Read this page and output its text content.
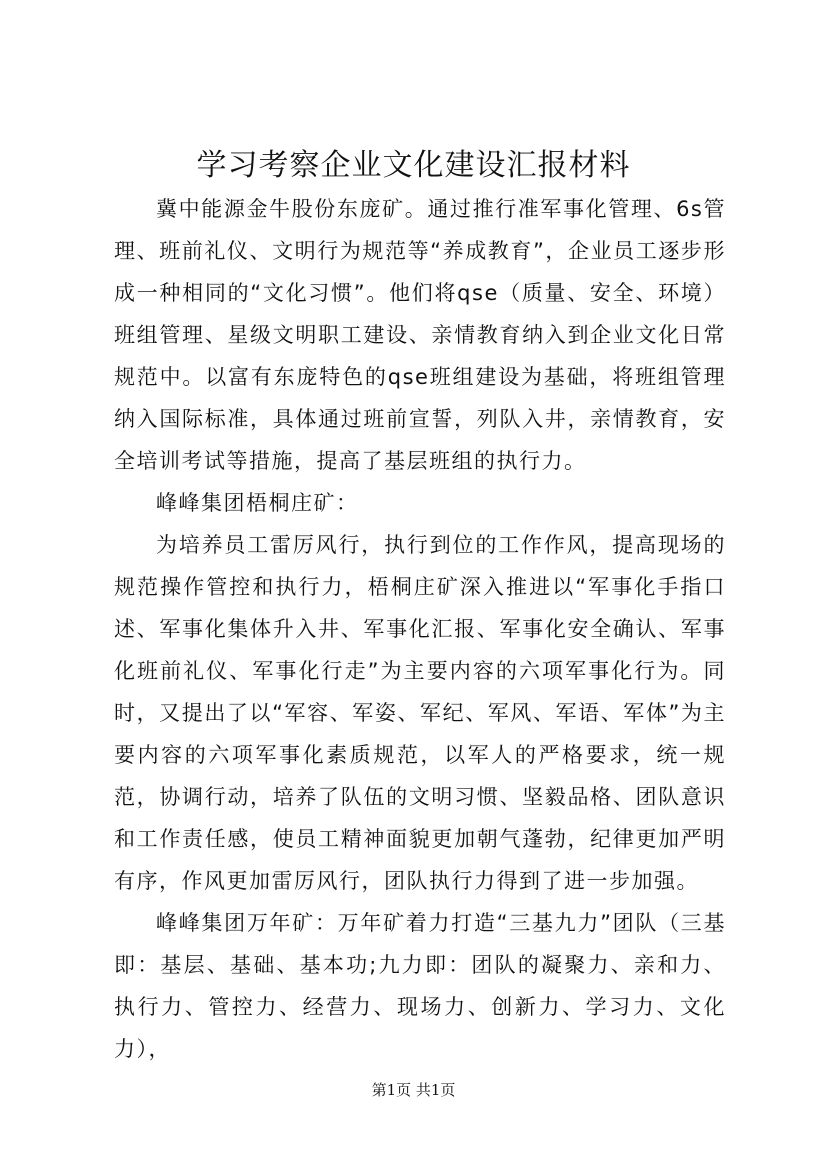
学习考察企业文化建设汇报材料

冀中能源金牛股份东庞矿。通过推行准军事化管理、6s管理、班前礼仪、文明行为规范等“养成教育”，企业员工逐步形成一种相同的“文化习惯”。他们将qse（质量、安全、环境）班组管理、星级文明职工建设、亲情教育纳入到企业文化日常规范中。以富有东庞特色的qse班组建设为基础，将班组管理纳入国际标准，具体通过班前宣誓，列队入井，亲情教育，安全培训考试等措施，提高了基层班组的执行力。

峰峰集团梧桐庄矿：

为培养员工雷厉风行，执行到位的工作作风，提高现场的规范操作管控和执行力，梧桐庄矿深入推进以“军事化手指口述、军事化集体升入井、军事化汇报、军事化安全确认、军事化班前礼仪、军事化行走”为主要内容的六项军事化行为。同时，又提出了以“军容、军姿、军纪、军风、军语、军体”为主要内容的六项军事化素质规范，以军人的严格要求，统一规范，协调行动，培养了队伍的文明习惯、坚毅品格、团队意识和工作责任感，使员工精神面貌更加朝气蓬勃，纪律更加严明有序，作风更加雷厉风行，团队执行力得到了进一步加强。

峰峰集团万年矿：万年矿着力打造“三基九力”团队（三基即：基层、基础、基本功;九力即：团队的凝聚力、亲和力、执行力、管控力、经营力、现场力、创新力、学习力、文化力），

第1页 共1页
